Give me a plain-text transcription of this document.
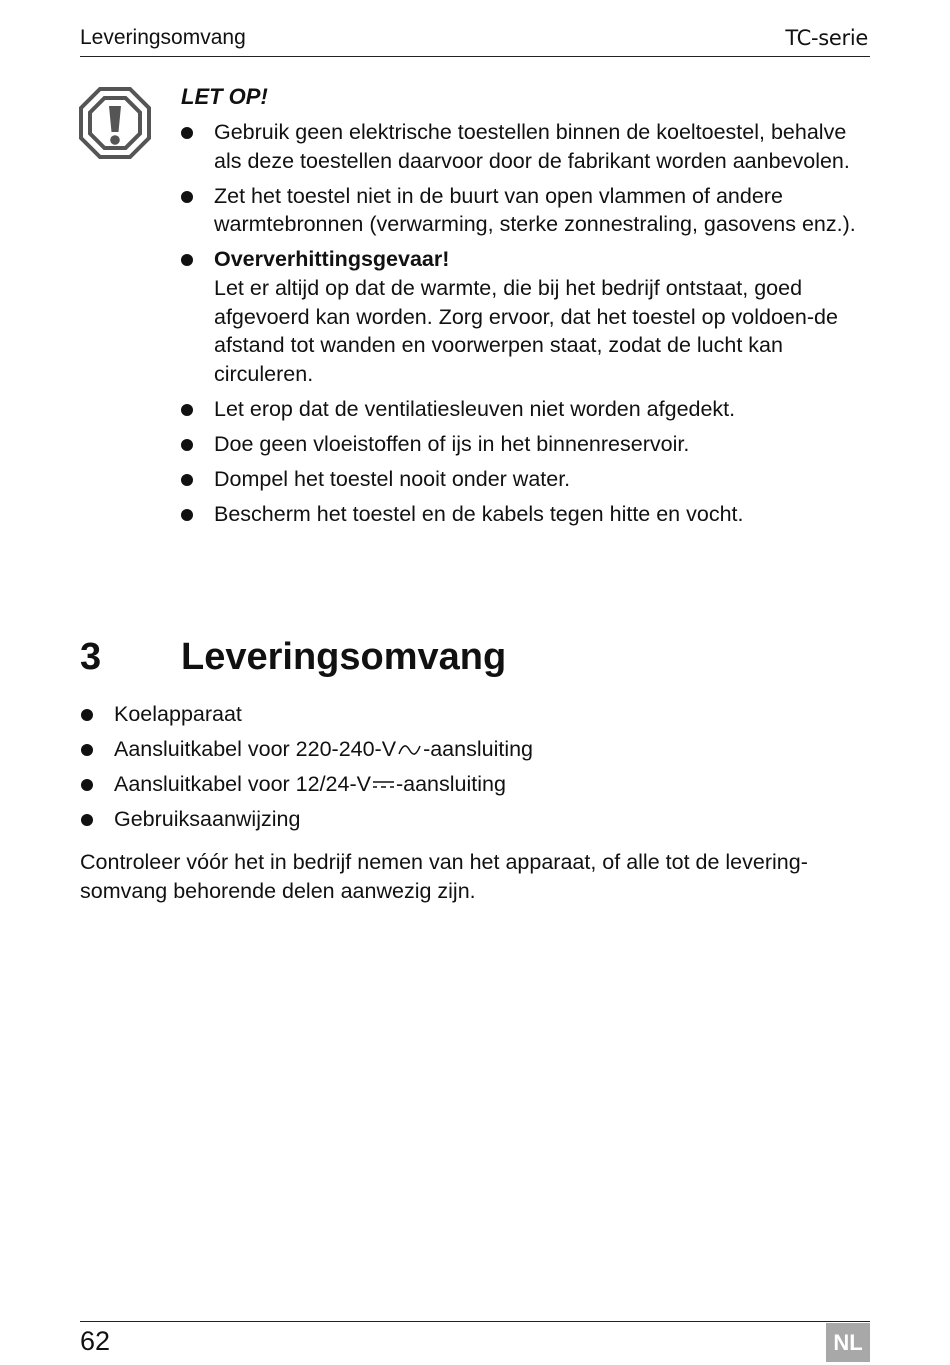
Leveringsomvang	TC-serie
LET OP!
Gebruik geen elektrische toestellen binnen de koeltoestel, behalve als deze toestellen daarvoor door de fabrikant worden aanbevolen.
Zet het toestel niet in de buurt van open vlammen of andere warmtebronnen (verwarming, sterke zonnestraling, gasovens enz.).
Oververhittingsgevaar!
Let er altijd op dat de warmte, die bij het bedrijf ontstaat, goed afgevoerd kan worden. Zorg ervoor, dat het toestel op voldoen-de afstand tot wanden en voorwerpen staat, zodat de lucht kan circuleren.
Let erop dat de ventilatiesleuven niet worden afgedekt.
Doe geen vloeistoffen of ijs in het binnenreservoir.
Dompel het toestel nooit onder water.
Bescherm het toestel en de kabels tegen hitte en vocht.
3 Leveringsomvang
Koelapparaat
Aansluitkabel voor 220-240-V -aansluiting
Aansluitkabel voor 12/24-V -aansluiting
Gebruiksaanwijzing

Controleer vóór het in bedrijf nemen van het apparaat, of alle tot de levering-somvang behorende delen aanwezig zijn.

62	NL
